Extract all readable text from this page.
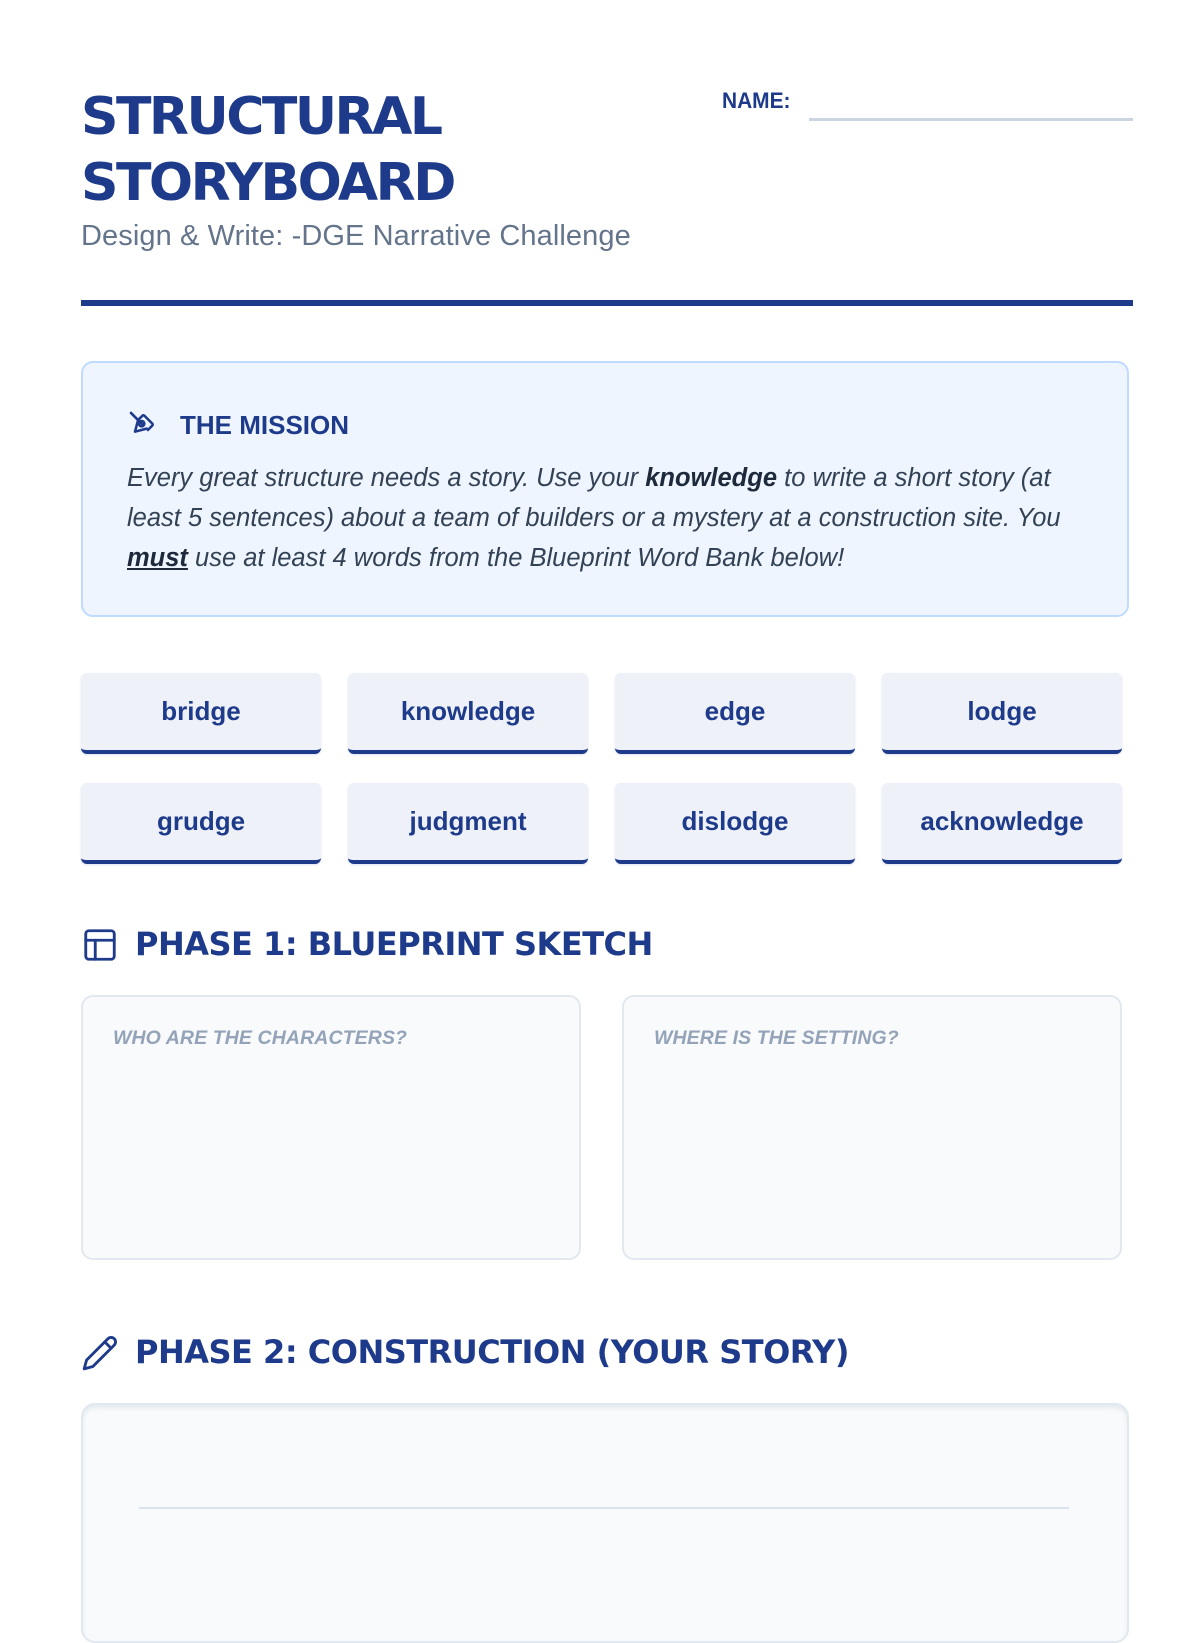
STRUCTURAL
STORYBOARD
Design & Write: -DGE Narrative Challenge
NAME:
THE MISSION

Every great structure needs a story. Use your knowledge to write a short story (at least 5 sentences) about a team of builders or a mystery at a construction site. You must use at least 4 words from the Blueprint Word Bank below!

bridge	knowledge	edge	lodge
grudge	judgment	dislodge	acknowledge
PHASE 1: BLUEPRINT SKETCH
WHO ARE THE CHARACTERS?	WHERE IS THE SETTING?
PHASE 2: CONSTRUCTION (YOUR STORY)
